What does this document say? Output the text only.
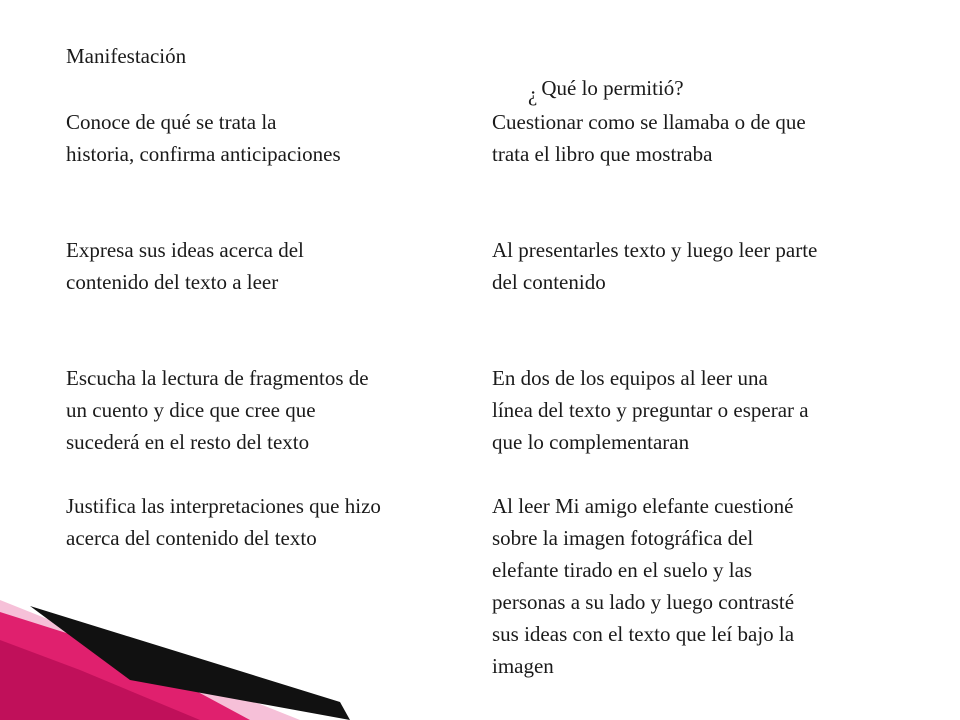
Manifestación

¿ Qué lo permitió?

Conoce de qué se trata la
historia, confirma anticipaciones

Cuestionar como se llamaba o de que
trata el libro que mostraba

Expresa sus ideas acerca del
contenido del texto a leer

Al presentarles texto y luego leer parte
del contenido

Escucha la lectura de fragmentos de
un cuento y dice que cree que
sucederá en el resto del texto

En dos de los equipos al leer una
línea del texto y preguntar o esperar a
que lo complementaran

Justifica las interpretaciones que hizo
acerca del contenido del texto

Al leer Mi amigo elefante cuestioné
sobre la imagen fotográfica del
elefante tirado en el suelo y las
personas a su lado y luego contrasté
sus ideas con el texto que leí bajo la
imagen
